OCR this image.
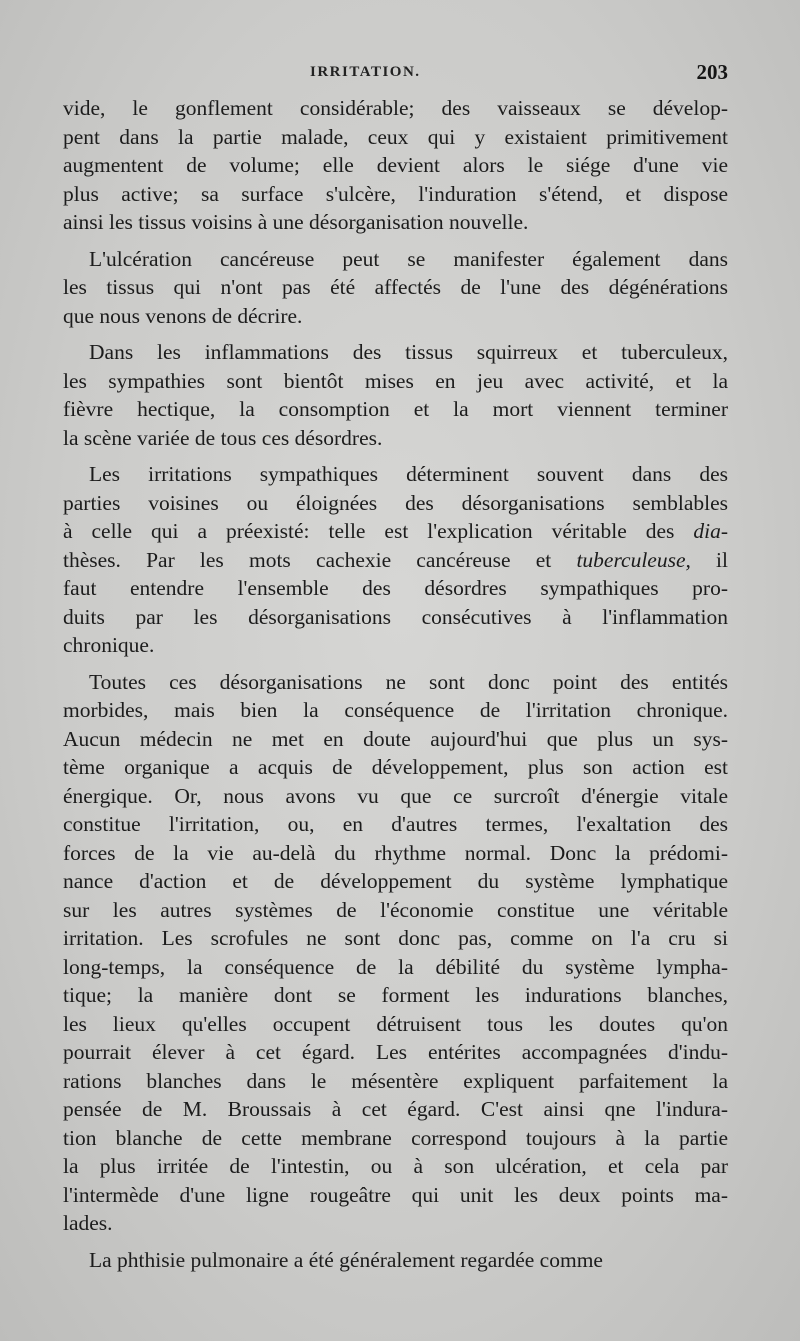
IRRITATION.	203
vide, le gonflement considérable; des vaisseaux se dévelop-
pent dans la partie malade, ceux qui y existaient primitivement
augmentent de volume; elle devient alors le siége d'une vie
plus active; sa surface s'ulcère, l'induration s'étend, et dispose
ainsi les tissus voisins à une désorganisation nouvelle.
L'ulcération cancéreuse peut se manifester également dans
les tissus qui n'ont pas été affectés de l'une des dégénérations
que nous venons de décrire.
Dans les inflammations des tissus squirreux et tuberculeux,
les sympathies sont bientôt mises en jeu avec activité, et la
fièvre hectique, la consomption et la mort viennent terminer
la scène variée de tous ces désordres.
Les irritations sympathiques déterminent souvent dans des
parties voisines ou éloignées des désorganisations semblables
à celle qui a préexisté: telle est l'explication véritable des dia-
thèses. Par les mots cachexie cancéreuse et tuberculeuse, il
faut entendre l'ensemble des désordres sympathiques pro-
duits par les désorganisations consécutives à l'inflammation
chronique.
Toutes ces désorganisations ne sont donc point des entités
morbides, mais bien la conséquence de l'irritation chronique.
Aucun médecin ne met en doute aujourd'hui que plus un sys-
tème organique a acquis de développement, plus son action est
énergique. Or, nous avons vu que ce surcroît d'énergie vitale
constitue l'irritation, ou, en d'autres termes, l'exaltation des
forces de la vie au-delà du rhythme normal. Donc la prédomi-
nance d'action et de développement du système lymphatique
sur les autres systèmes de l'économie constitue une véritable
irritation. Les scrofules ne sont donc pas, comme on l'a cru si
long-temps, la conséquence de la débilité du système lympha-
tique; la manière dont se forment les indurations blanches,
les lieux qu'elles occupent détruisent tous les doutes qu'on
pourrait élever à cet égard. Les entérites accompagnées d'indu-
rations blanches dans le mésentère expliquent parfaitement la
pensée de M. Broussais à cet égard. C'est ainsi qne l'indura-
tion blanche de cette membrane correspond toujours à la partie
la plus irritée de l'intestin, ou à son ulcération, et cela par
l'intermède d'une ligne rougeâtre qui unit les deux points ma-
lades.
La phthisie pulmonaire a été généralement regardée comme
